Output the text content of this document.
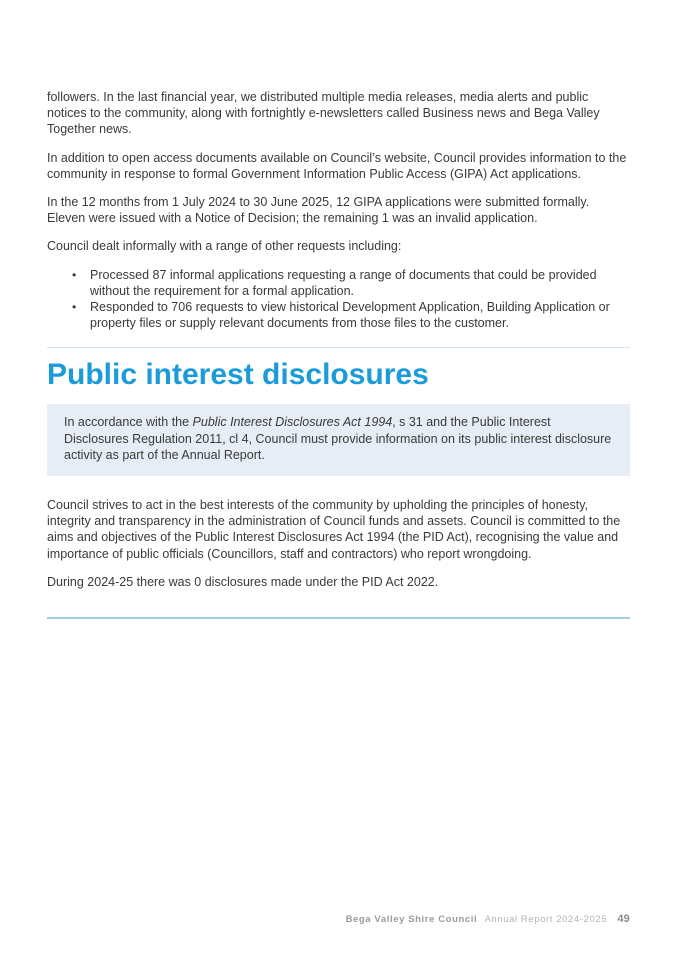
followers. In the last financial year, we distributed multiple media releases, media alerts and public notices to the community, along with fortnightly e-newsletters called Business news and Bega Valley Together news.

In addition to open access documents available on Council’s website, Council provides information to the community in response to formal Government Information Public Access (GIPA) Act applications.

In the 12 months from 1 July 2024 to 30 June 2025, 12 GIPA applications were submitted formally. Eleven were issued with a Notice of Decision; the remaining 1 was an invalid application.

Council dealt informally with a range of other requests including:

• Processed 87 informal applications requesting a range of documents that could be provided without the requirement for a formal application.
• Responded to 706 requests to view historical Development Application, Building Application or property files or supply relevant documents from those files to the customer.
Public interest disclosures

In accordance with the Public Interest Disclosures Act 1994, s 31 and the Public Interest Disclosures Regulation 2011, cl 4, Council must provide information on its public interest disclosure activity as part of the Annual Report.

Council strives to act in the best interests of the community by upholding the principles of honesty, integrity and transparency in the administration of Council funds and assets. Council is committed to the aims and objectives of the Public Interest Disclosures Act 1994 (the PID Act), recognising the value and importance of public officials (Councillors, staff and contractors) who report wrongdoing.

During 2024-25 there was 0 disclosures made under the PID Act 2022.

Bega Valley Shire Council Annual Report 2024-2025 49
